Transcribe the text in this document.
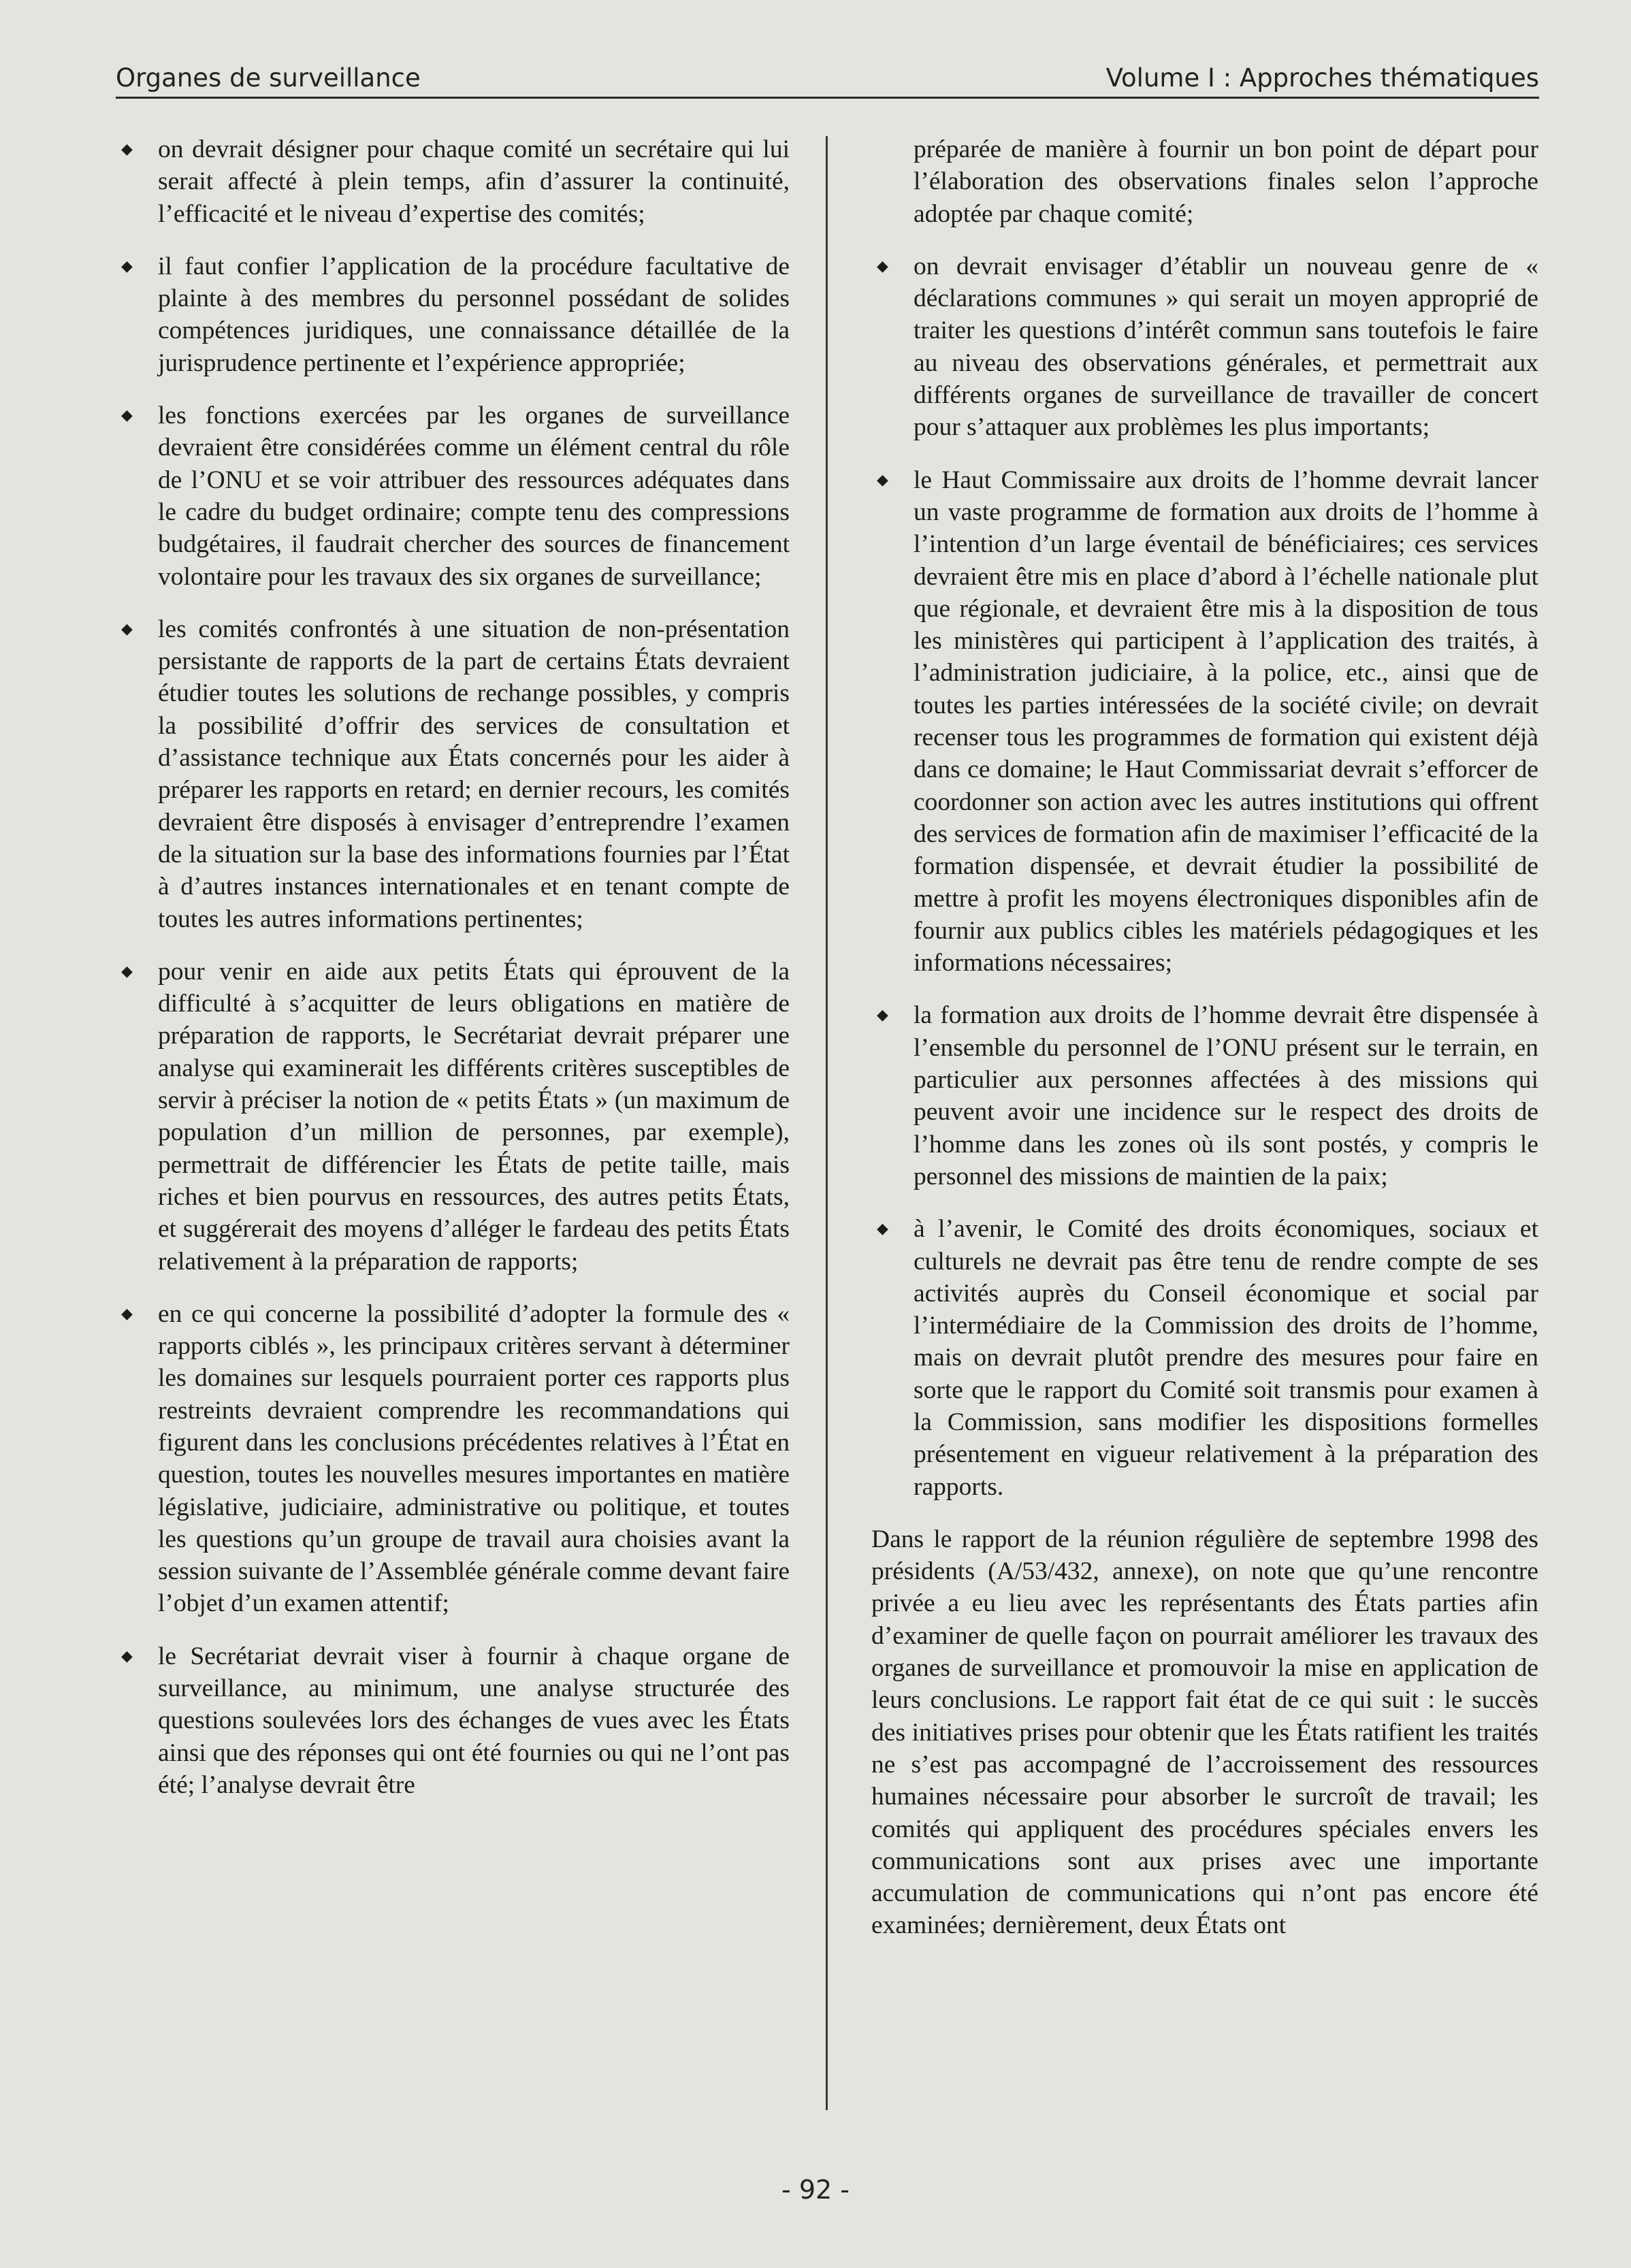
Organes de surveillance	Volume I : Approches thématiques
◆ on devrait désigner pour chaque comité un secrétaire qui lui serait affecté à plein temps, afin d’assurer la continuité, l’efficacité et le niveau d’expertise des comités;
◆ il faut confier l’application de la procédure facultative de plainte à des membres du personnel possédant de solides compétences juridiques, une connaissance détaillée de la jurisprudence pertinente et l’expérience appropriée;
◆ les fonctions exercées par les organes de surveillance devraient être considérées comme un élément central du rôle de l’ONU et se voir attribuer des ressources adéquates dans le cadre du budget ordinaire; compte tenu des compressions budgétaires, il faudrait chercher des sources de financement volontaire pour les travaux des six organes de surveillance;
◆ les comités confrontés à une situation de non-présentation persistante de rapports de la part de certains États devraient étudier toutes les solutions de rechange possibles, y compris la possibilité d’offrir des services de consultation et d’assistance technique aux États concernés pour les aider à préparer les rapports en retard; en dernier recours, les comités devraient être disposés à envisager d’entreprendre l’examen de la situation sur la base des informations fournies par l’État à d’autres instances internationales et en tenant compte de toutes les autres informations pertinentes;
◆ pour venir en aide aux petits États qui éprouvent de la difficulté à s’acquitter de leurs obligations en matière de préparation de rapports, le Secrétariat devrait préparer une analyse qui examinerait les différents critères susceptibles de servir à préciser la notion de « petits États » (un maximum de population d’un million de personnes, par exemple), permettrait de différencier les États de petite taille, mais riches et bien pourvus en ressources, des autres petits États, et suggérerait des moyens d’alléger le fardeau des petits États relativement à la préparation de rapports;
◆ en ce qui concerne la possibilité d’adopter la formule des « rapports ciblés », les principaux critères servant à déterminer les domaines sur lesquels pourraient porter ces rapports plus restreints devraient comprendre les recommandations qui figurent dans les conclusions précédentes relatives à l’État en question, toutes les nouvelles mesures importantes en matière législative, judiciaire, administrative ou politique, et toutes les questions qu’un groupe de travail aura choisies avant la session suivante de l’Assemblée générale comme devant faire l’objet d’un examen attentif;
◆ le Secrétariat devrait viser à fournir à chaque organe de surveillance, au minimum, une analyse structurée des questions soulevées lors des échanges de vues avec les États ainsi que des réponses qui ont été fournies ou qui ne l’ont pas été; l’analyse devrait être
préparée de manière à fournir un bon point de départ pour l’élaboration des observations finales selon l’approche adoptée par chaque comité;
◆ on devrait envisager d’établir un nouveau genre de « déclarations communes » qui serait un moyen approprié de traiter les questions d’intérêt commun sans toutefois le faire au niveau des observations générales, et permettrait aux différents organes de surveillance de travailler de concert pour s’attaquer aux problèmes les plus importants;
◆ le Haut Commissaire aux droits de l’homme devrait lancer un vaste programme de formation aux droits de l’homme à l’intention d’un large éventail de bénéficiaires; ces services devraient être mis en place d’abord à l’échelle nationale plut que régionale, et devraient être mis à la disposition de tous les ministères qui participent à l’application des traités, à l’administration judiciaire, à la police, etc., ainsi que de toutes les parties intéressées de la société civile; on devrait recenser tous les programmes de formation qui existent déjà dans ce domaine; le Haut Commissariat devrait s’efforcer de coordonner son action avec les autres institutions qui offrent des services de formation afin de maximiser l’efficacité de la formation dispensée, et devrait étudier la possibilité de mettre à profit les moyens électroniques disponibles afin de fournir aux publics cibles les matériels pédagogiques et les informations nécessaires;
◆ la formation aux droits de l’homme devrait être dispensée à l’ensemble du personnel de l’ONU présent sur le terrain, en particulier aux personnes affectées à des missions qui peuvent avoir une incidence sur le respect des droits de l’homme dans les zones où ils sont postés, y compris le personnel des missions de maintien de la paix;
◆ à l’avenir, le Comité des droits économiques, sociaux et culturels ne devrait pas être tenu de rendre compte de ses activités auprès du Conseil économique et social par l’intermédiaire de la Commission des droits de l’homme, mais on devrait plutôt prendre des mesures pour faire en sorte que le rapport du Comité soit transmis pour examen à la Commission, sans modifier les dispositions formelles présentement en vigueur relativement à la préparation des rapports.

Dans le rapport de la réunion régulière de septembre 1998 des présidents (A/53/432, annexe), on note que qu’une rencontre privée a eu lieu avec les représentants des États parties afin d’examiner de quelle façon on pourrait améliorer les travaux des organes de surveillance et promouvoir la mise en application de leurs conclusions. Le rapport fait état de ce qui suit : le succès des initiatives prises pour obtenir que les États ratifient les traités ne s’est pas accompagné de l’accroissement des ressources humaines nécessaire pour absorber le surcroît de travail; les comités qui appliquent des procédures spéciales envers les communications sont aux prises avec une importante accumulation de communications qui n’ont pas encore été examinées; dernièrement, deux États ont

- 92 -
